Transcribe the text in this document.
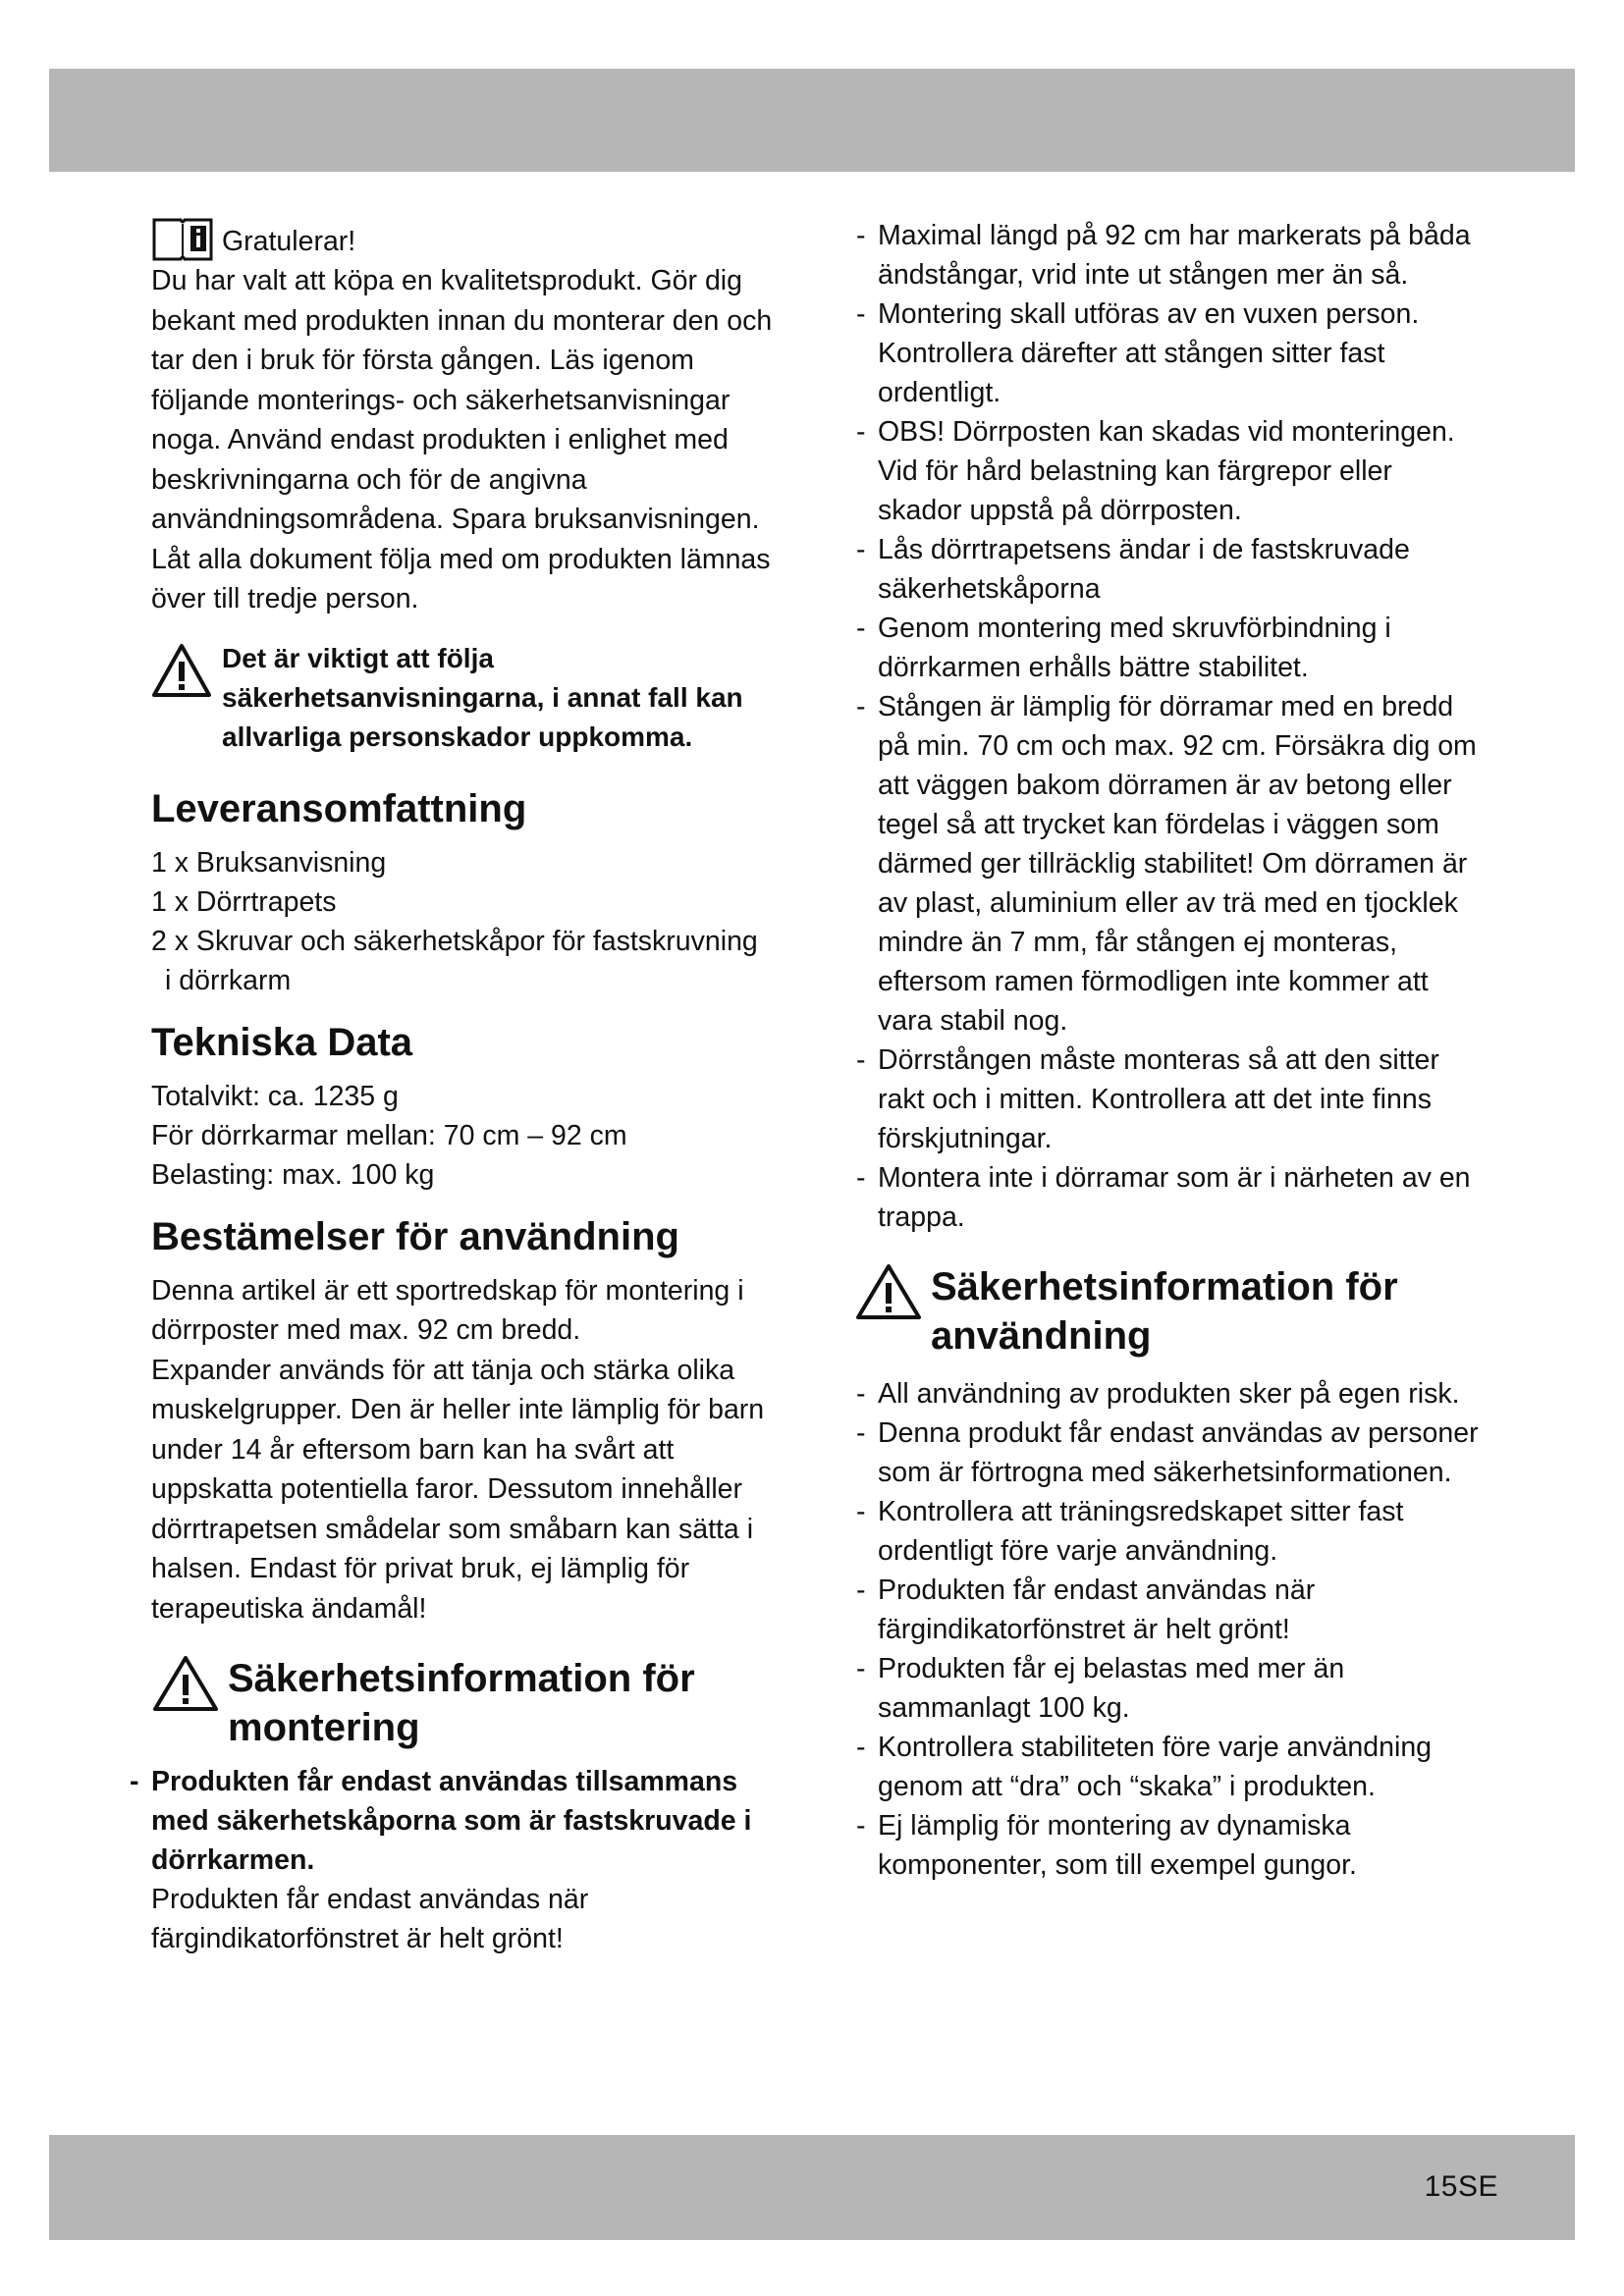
Gratulerar!

Du har valt att köpa en kvalitetsprodukt. Gör dig bekant med produkten innan du monterar den och tar den i bruk för första gången. Läs igenom följande monterings- och säkerhetsanvisningar noga. Använd endast produkten i enlighet med beskrivningarna och för de angivna användningsområdena. Spara bruksanvisningen.

Låt alla dokument följa med om produkten lämnas över till tredje person.

Det är viktigt att följa säkerhetsanvisningarna, i annat fall kan allvarliga personskador uppkomma.

Leveransomfattning
1 x Bruksanvisning
1 x Dörrtrapets
2 x Skruvar och säkerhetskåpor för fastskruvning
i dörrkarm
Tekniska Data
Totalvikt: ca. 1235 g
För dörrkarmar mellan: 70 cm – 92 cm
Belasting: max. 100 kg
Bestämelser för användning

Denna artikel är ett sportredskap för montering i dörrposter med max. 92 cm bredd.

Expander används för att tänja och stärka olika muskelgrupper. Den är heller inte lämplig för barn under 14 år eftersom barn kan ha svårt att uppskatta potentiella faror. Dessutom innehåller dörrtrapetsen smådelar som småbarn kan sätta i halsen. Endast för privat bruk, ej lämplig för terapeutiska ändamål!

Säkerhetsinformation för montering
- Produkten får endast användas tillsammans med säkerhetskåporna som är fastskruvade i dörrkarmen.

Produkten får endast användas när färgindikatorfönstret är helt grönt!

- Maximal längd på 92 cm har markerats på båda ändstångar, vrid inte ut stången mer än så.
- Montering skall utföras av en vuxen person. Kontrollera därefter att stången sitter fast ordentligt.
- OBS! Dörrposten kan skadas vid monteringen. Vid för hård belastning kan färgrepor eller skador uppstå på dörrposten.
- Lås dörrtrapetsens ändar i de fastskruvade säkerhetskåporna
- Genom montering med skruvförbindning i dörrkarmen erhålls bättre stabilitet.
- Stången är lämplig för dörramar med en bredd på min. 70 cm och max. 92 cm. Försäkra dig om att väggen bakom dörramen är av betong eller tegel så att trycket kan fördelas i väggen som därmed ger tillräcklig stabilitet! Om dörramen är av plast, aluminium eller av trä med en tjocklek mindre än 7 mm, får stången ej monteras, eftersom ramen förmodligen inte kommer att vara stabil nog.
- Dörrstången måste monteras så att den sitter rakt och i mitten. Kontrollera att det inte finns förskjutningar.
- Montera inte i dörramar som är i närheten av en trappa.
Säkerhetsinformation för användning
- All användning av produkten sker på egen risk.
- Denna produkt får endast användas av personer som är förtrogna med säkerhetsinformationen.
- Kontrollera att träningsredskapet sitter fast ordentligt före varje användning.
- Produkten får endast användas när färgindikatorfönstret är helt grönt!
- Produkten får ej belastas med mer än sammanlagt 100 kg.
- Kontrollera stabiliteten före varje användning genom att “dra” och “skaka” i produkten.
- Ej lämplig för montering av dynamiska komponenter, som till exempel gungor.
15SE
